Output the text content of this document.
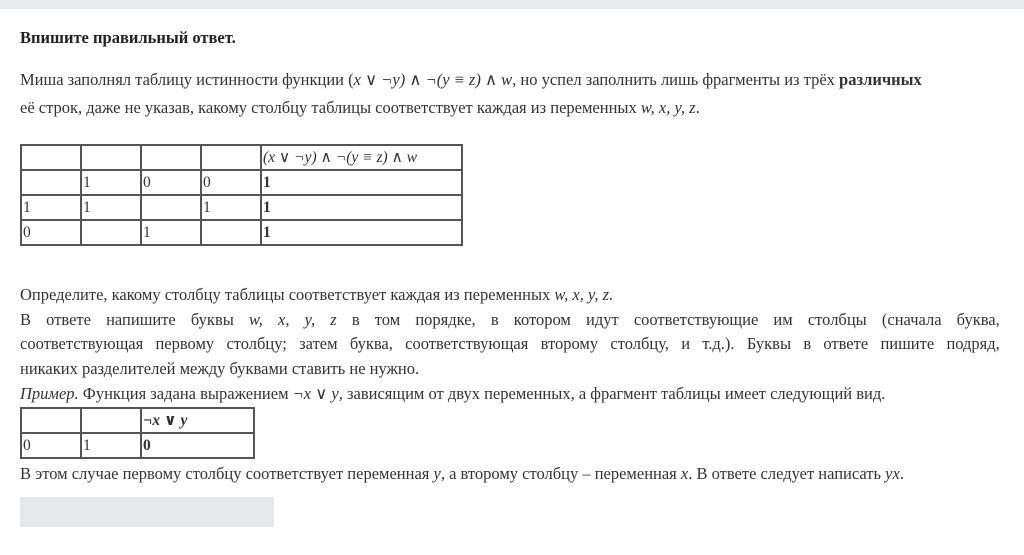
Впишите правильный ответ.
Миша заполнял таблицу истинности функции (x ∨ ¬y) ∧ ¬(y ≡ z) ∧ w, но успел заполнить лишь фрагменты из трёх различных
её строк, даже не указав, какому столбцу таблицы соответствует каждая из переменных w, x, y, z.
				(x ∨ ¬y) ∧ ¬(y ≡ z) ∧ w
	1	0	0	1
1	1		1	1
0		1		1
Определите, какому столбцу таблицы соответствует каждая из переменных w, x, y, z.
В ответе напишите буквы w, x, y, z в том порядке, в котором идут соответствующие им столбцы (сначала буква,
соответствующая первому столбцу; затем буква, соответствующая второму столбцу, и т.д.). Буквы в ответе пишите подряд,
никаких разделителей между буквами ставить не нужно.
Пример. Функция задана выражением ¬x ∨ y, зависящим от двух переменных, а фрагмент таблицы имеет следующий вид.
		¬x ∨ y
0	1	0
В этом случае первому столбцу соответствует переменная y, а второму столбцу – переменная x. В ответе следует написать yx.
